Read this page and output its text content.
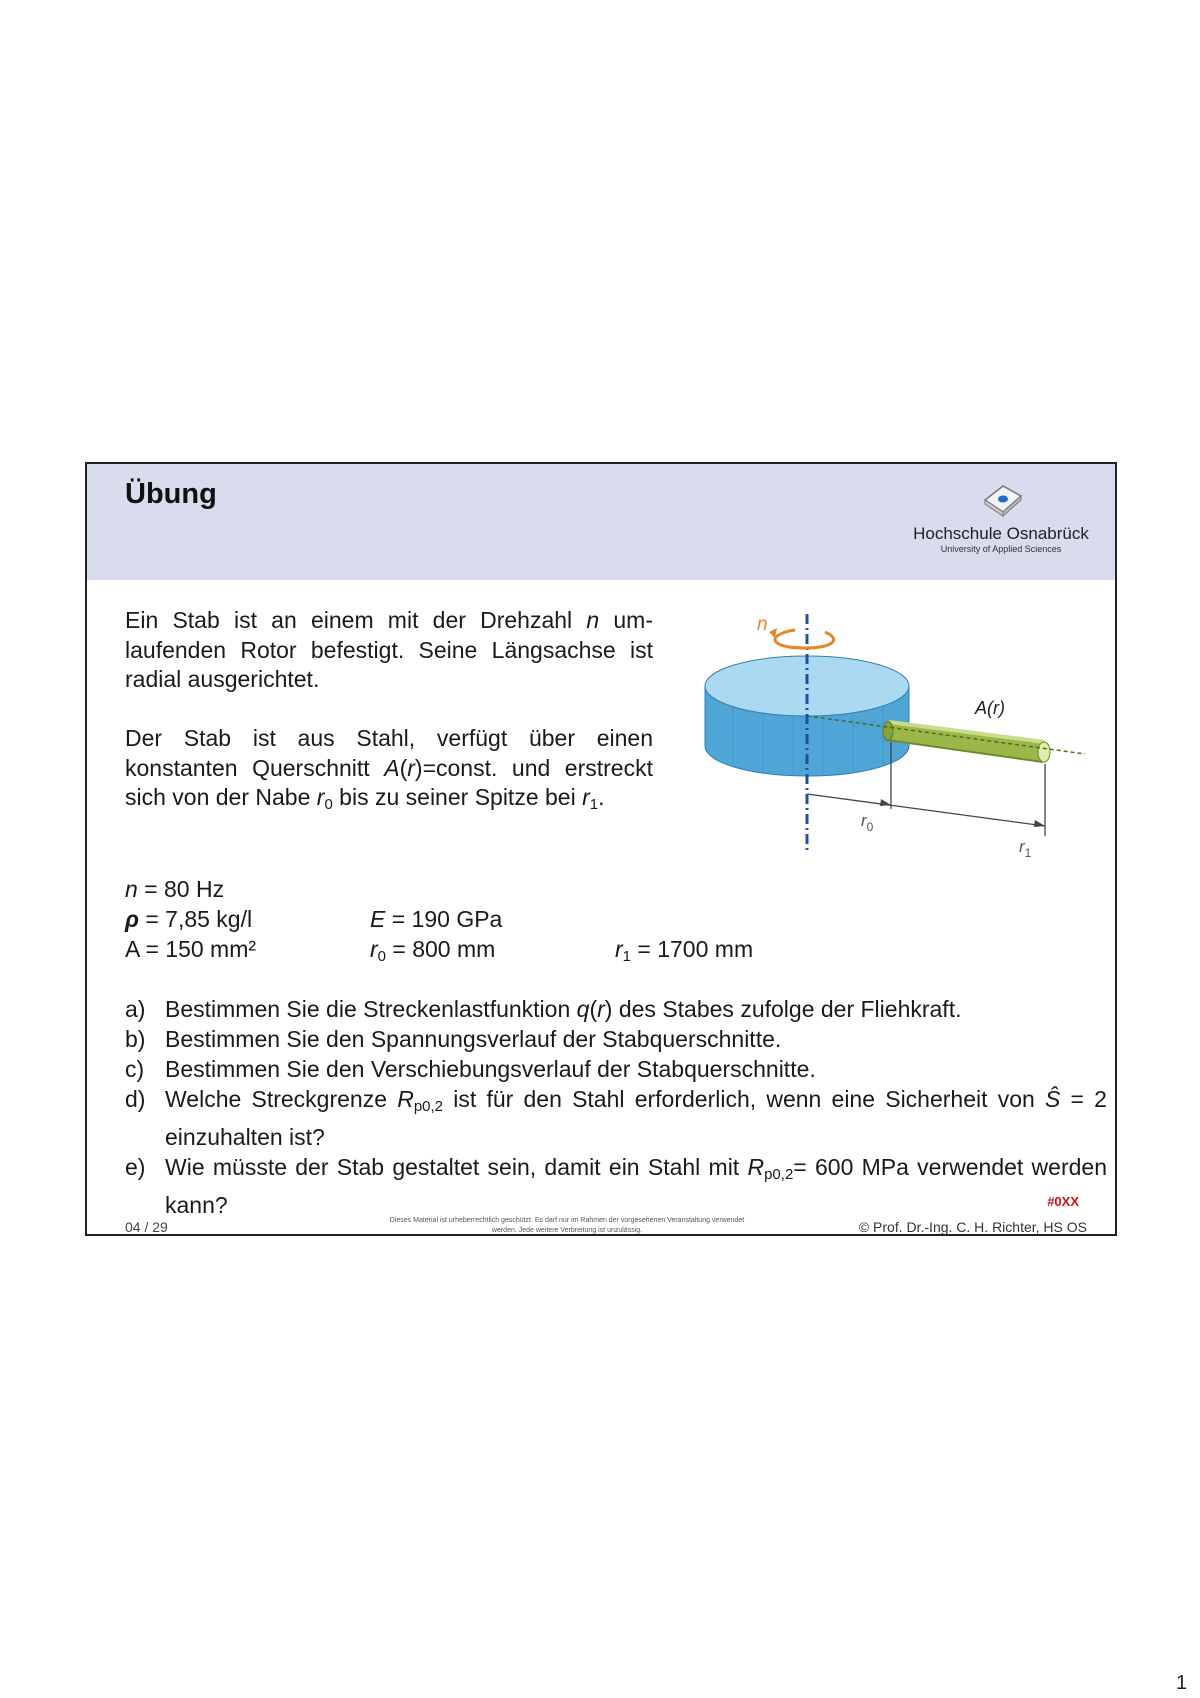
Übung
Hochschule Osnabrück
University of Applied Sciences
Ein Stab ist an einem mit der Drehzahl n umlaufenden Rotor befestigt. Seine Längsachse ist radial ausgerichtet.
Der Stab ist aus Stahl, verfügt über einen konstanten Querschnitt A(r)=const. und erstreckt sich von der Nabe $r_0$ bis zu seiner Spitze bei $r_1$.
n
A(r)
$r_0$
$r_1$
n = 80 Hz
ρ = 7,85 kg/l	E = 190 GPa
A = 150 mm²	$r_0 = 800$ mm	$r_1 = 1700$ mm
a) Bestimmen Sie die Streckenlastfunktion q(r) des Stabes zufolge der Fliehkraft.
b) Bestimmen Sie den Spannungsverlauf der Stabquerschnitte.
c) Bestimmen Sie den Verschiebungsverlauf der Stabquerschnitte.
d) Welche Streckgrenze $R_{p0,2}$ ist für den Stahl erforderlich, wenn eine Sicherheit von Ŝ = 2 einzuhalten ist?
e) Wie müsste der Stab gestaltet sein, damit ein Stahl mit $R_{p0,2}= 600$ MPa verwendet werden kann?	#0XX
04 / 29	Dieses Material ist urheberrechtlich geschützt. Es darf nur im Rahmen der vorgesehenen Veranstaltung verwendet werden. Jede weitere Verbreitung ist unzulässig.	© Prof. Dr.-Ing. C. H. Richter, HS OS
1
